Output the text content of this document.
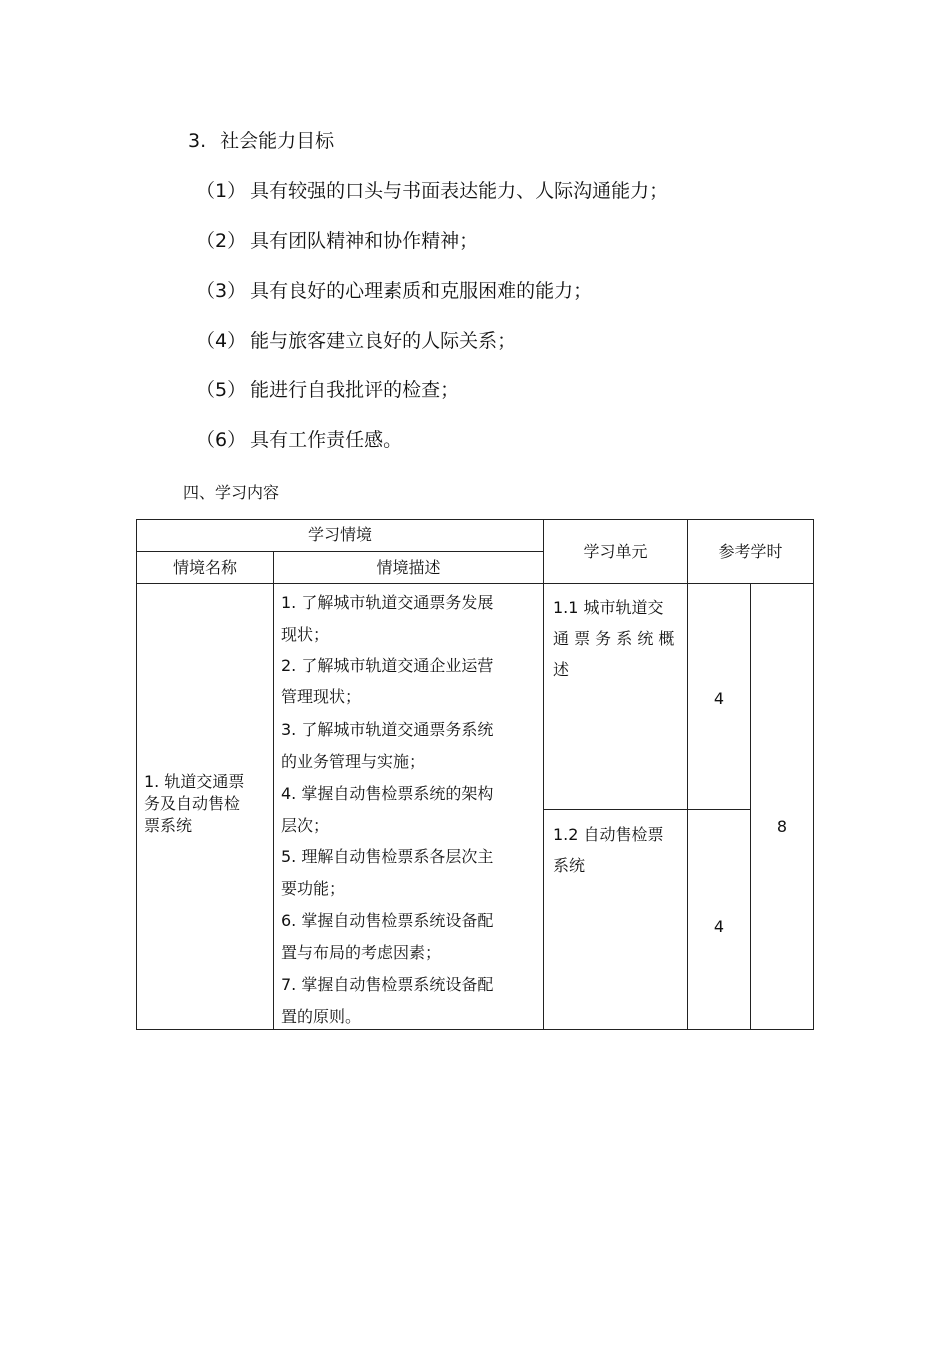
3. 社会能力目标
（1） 具有较强的口头与书面表达能力、人际沟通能力；
（2） 具有团队精神和协作精神；
（3） 具有良好的心理素质和克服困难的能力；
（4） 能与旅客建立良好的人际关系；
（5） 能进行自我批评的检查；
（6） 具有工作责任感。
四、学习内容
学习情境
情境名称	情境描述
学习单元	参考学时
1. 轨道交通票
务及自动售检
票系统
1. 了解城市轨道交通票务发展
现状；
2. 了解城市轨道交通企业运营
管理现状；
3. 了解城市轨道交通票务系统
的业务管理与实施；
4. 掌握自动售检票系统的架构
层次；
5. 理解自动售检票系各层次主
要功能；
6. 掌握自动售检票系统设备配
置与布局的考虑因素；
7. 掌握自动售检票系统设备配
置的原则。
1.1 城市轨道交
通 票 务 系 统 概
述
4
1.2 自动售检票
系统
4
8
